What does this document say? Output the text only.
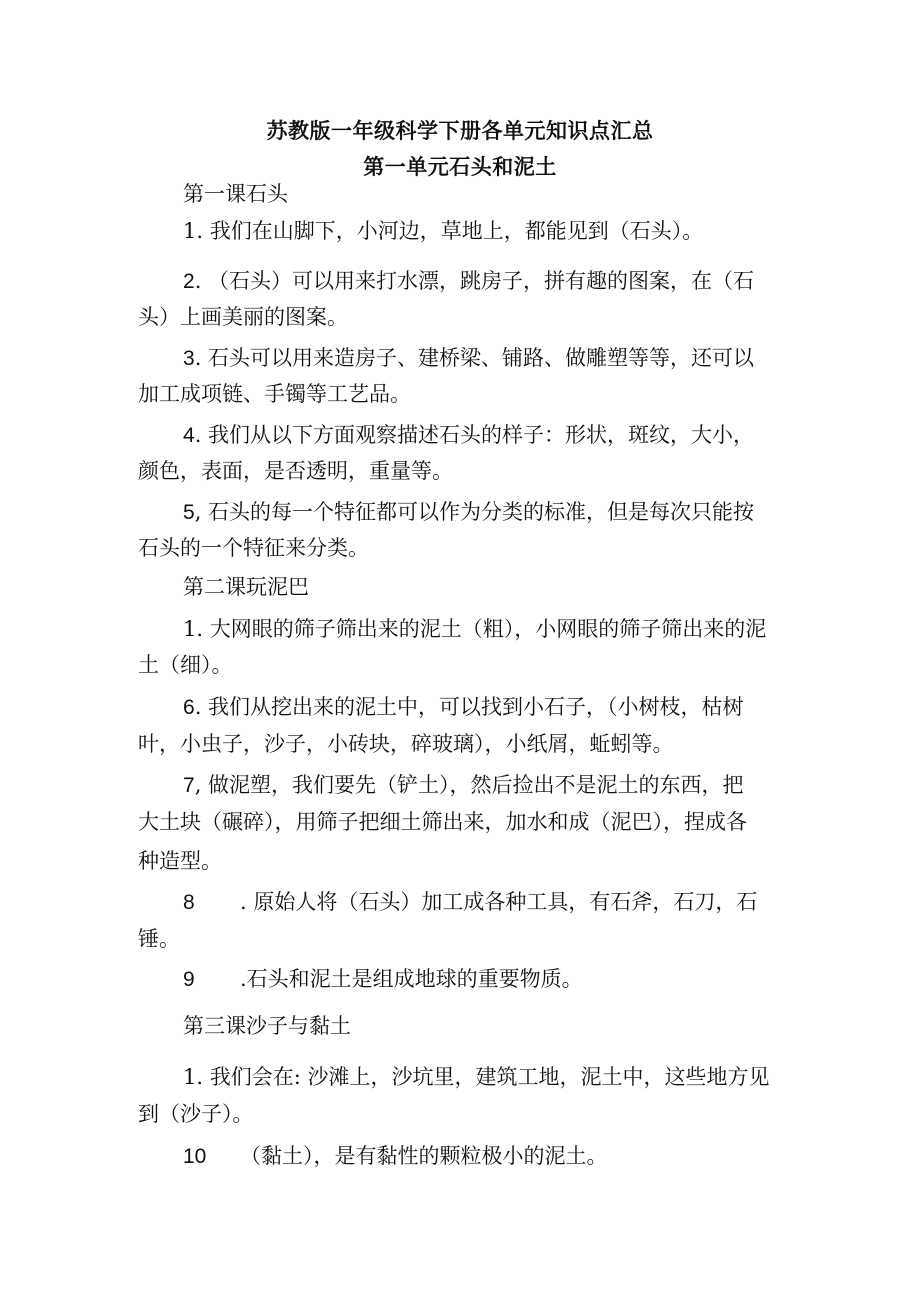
苏教版一年级科学下册各单元知识点汇总
第一单元石头和泥土
第一课石头
1. 我们在山脚下，小河边，草地上，都能见到（石头）。
2. （石头）可以用来打水漂，跳房子，拼有趣的图案，在（石
头）上画美丽的图案。
3. 石头可以用来造房子、建桥梁、铺路、做雕塑等等，还可以
加工成项链、手镯等工艺品。
4. 我们从以下方面观察描述石头的样子：形状，斑纹，大小，
颜色，表面，是否透明，重量等。
5, 石头的每一个特征都可以作为分类的标准，但是每次只能按
石头的一个特征来分类。
第二课玩泥巴
1. 大网眼的筛子筛出来的泥土（粗），小网眼的筛子筛出来的泥
土（细）。
6. 我们从挖出来的泥土中，可以找到小石子，（小树枝，枯树
叶，小虫子，沙子，小砖块，碎玻璃），小纸屑，蚯蚓等。
7, 做泥塑，我们要先（铲土），然后捡出不是泥土的东西，把
大土块（碾碎），用筛子把细土筛出来，加水和成（泥巴），捏成各
种造型。
8 . 原始人将（石头）加工成各种工具，有石斧，石刀，石
锤。
9 .石头和泥土是组成地球的重要物质。
第三课沙子与黏土
1. 我们会在: 沙滩上，沙坑里，建筑工地，泥土中，这些地方见
到（沙子）。
10 （黏土），是有黏性的颗粒极小的泥土。
